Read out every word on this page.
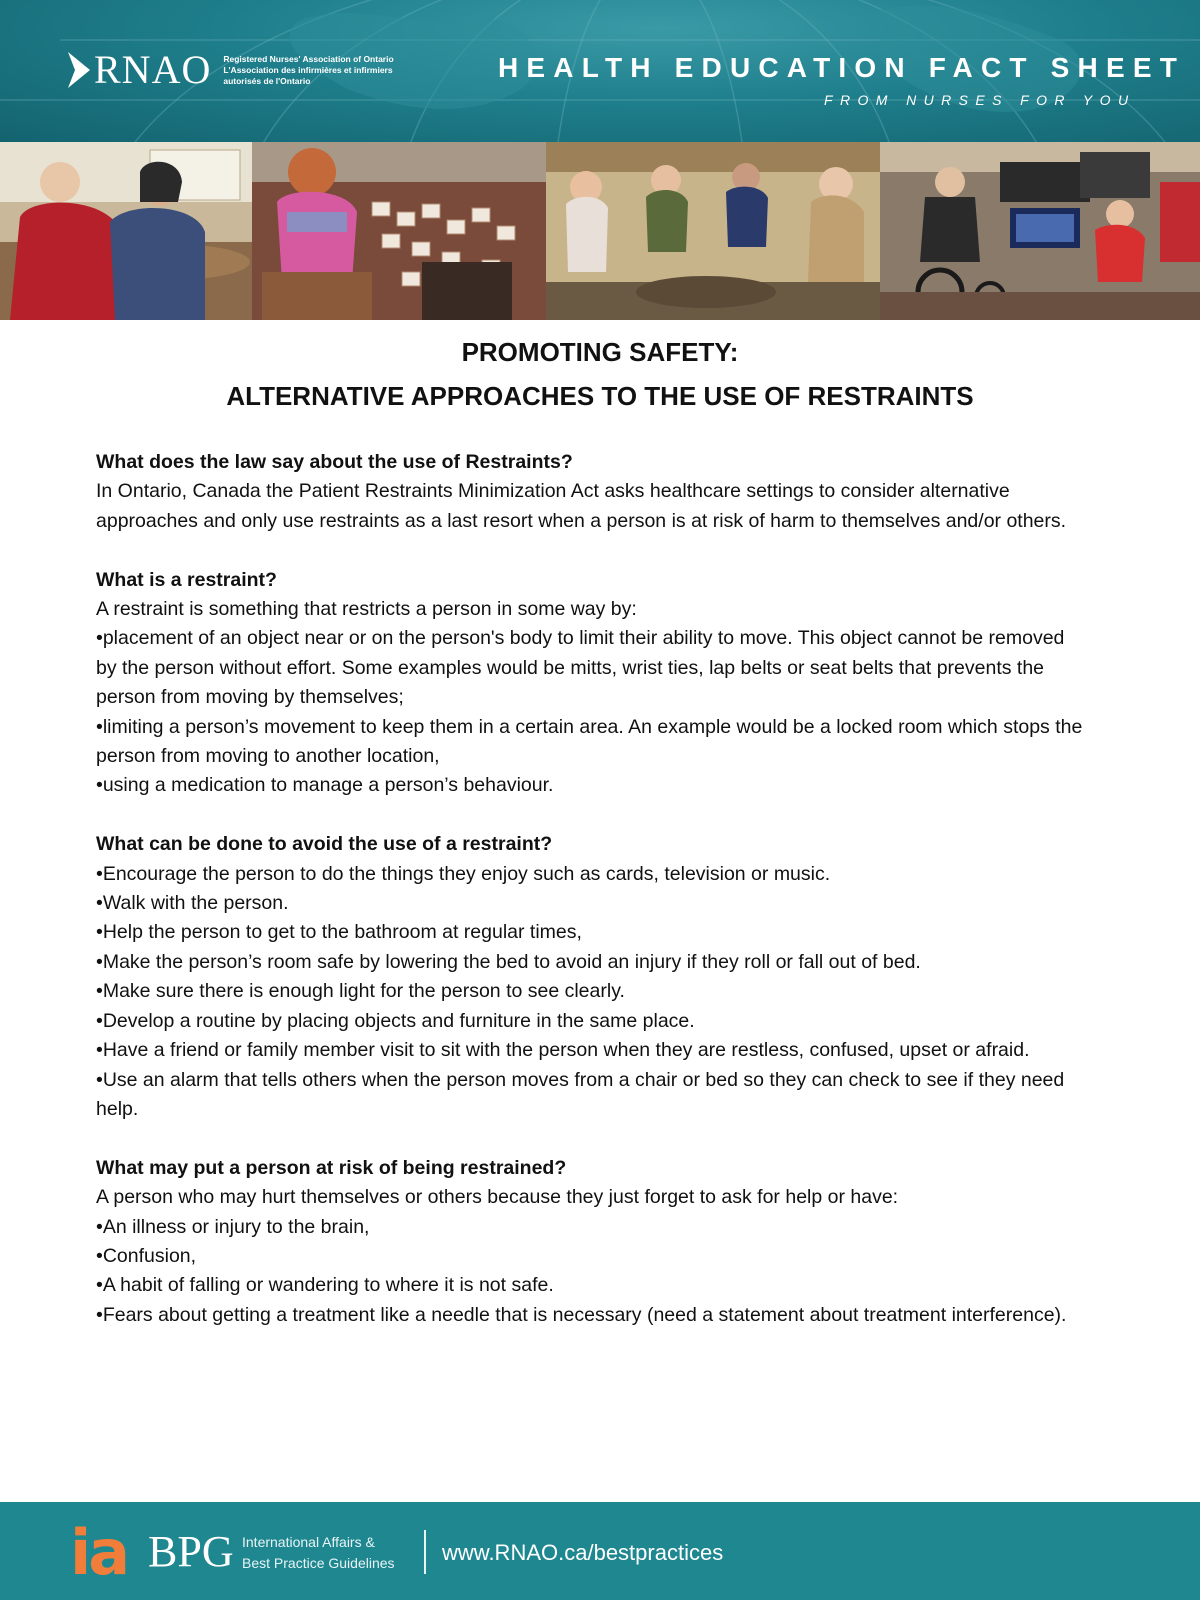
RNAO Registered Nurses' Association of Ontario
L'Association des infirmières et infirmiers
autorisés de l'Ontario	HEALTH EDUCATION FACT SHEET
FROM NURSES FOR YOU
PROMOTING SAFETY:
ALTERNATIVE APPROACHES TO THE USE OF RESTRAINTS
What does the law say about the use of Restraints?

In Ontario, Canada the Patient Restraints Minimization Act asks healthcare settings to consider alternative approaches and only use restraints as a last resort when a person is at risk of harm to themselves and/or others.

What is a restraint?

A restraint is something that restricts a person in some way by:

• placement of an object near or on the person's body to limit their ability to move. This object cannot be removed by the person without effort. Some examples would be mitts, wrist ties, lap belts or seat belts that prevents the person from moving by themselves;
• limiting a person’s movement to keep them in a certain area. An example would be a locked room which stops the person from moving to another location,
• using a medication to manage a person’s behaviour.
What can be done to avoid the use of a restraint?
• Encourage the person to do the things they enjoy such as cards, television or music.
• Walk with the person.
• Help the person to get to the bathroom at regular times,
• Make the person’s room safe by lowering the bed to avoid an injury if they roll or fall out of bed.
• Make sure there is enough light for the person to see clearly.
• Develop a routine by placing objects and furniture in the same place.
• Have a friend or family member visit to sit with the person when they are restless, confused, upset or afraid.
• Use an alarm that tells others when the person moves from a chair or bed so they can check to see if they need help.
What may put a person at risk of being restrained?

A person who may hurt themselves or others because they just forget to ask for help or have:

• An illness or injury to the brain,
• Confusion,
• A habit of falling or wandering to where it is not safe.
• Fears about getting a treatment like a needle that is necessary (need a statement about treatment interference).
ia BPG International Affairs &
Best Practice Guidelines	www.RNAO.ca/bestpractices
